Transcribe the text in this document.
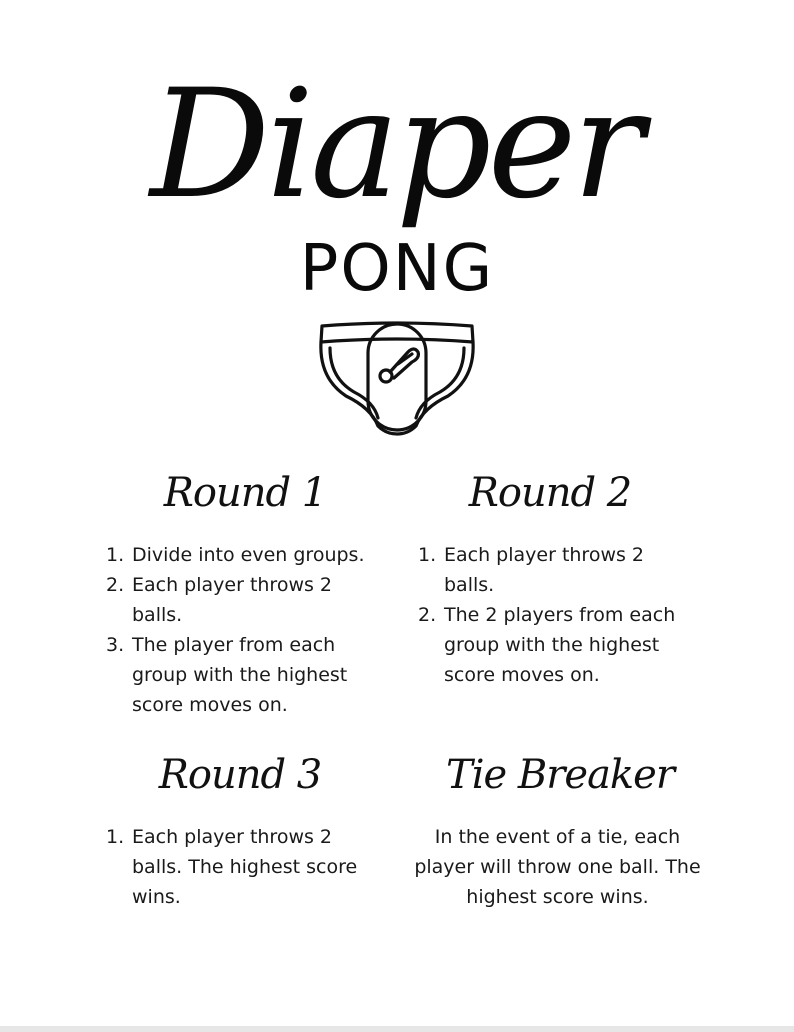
Diaper
PONG
Round 1
1. Divide into even groups.
2. Each player throws 2 balls.
3. The player from each group with the highest score moves on.
Round 2
1. Each player throws 2 balls.
2. The 2 players from each group with the highest score moves on.
Round 3
1. Each player throws 2 balls. The highest score wins.
Tie Breaker
In the event of a tie, each player will throw one ball. The highest score wins.
